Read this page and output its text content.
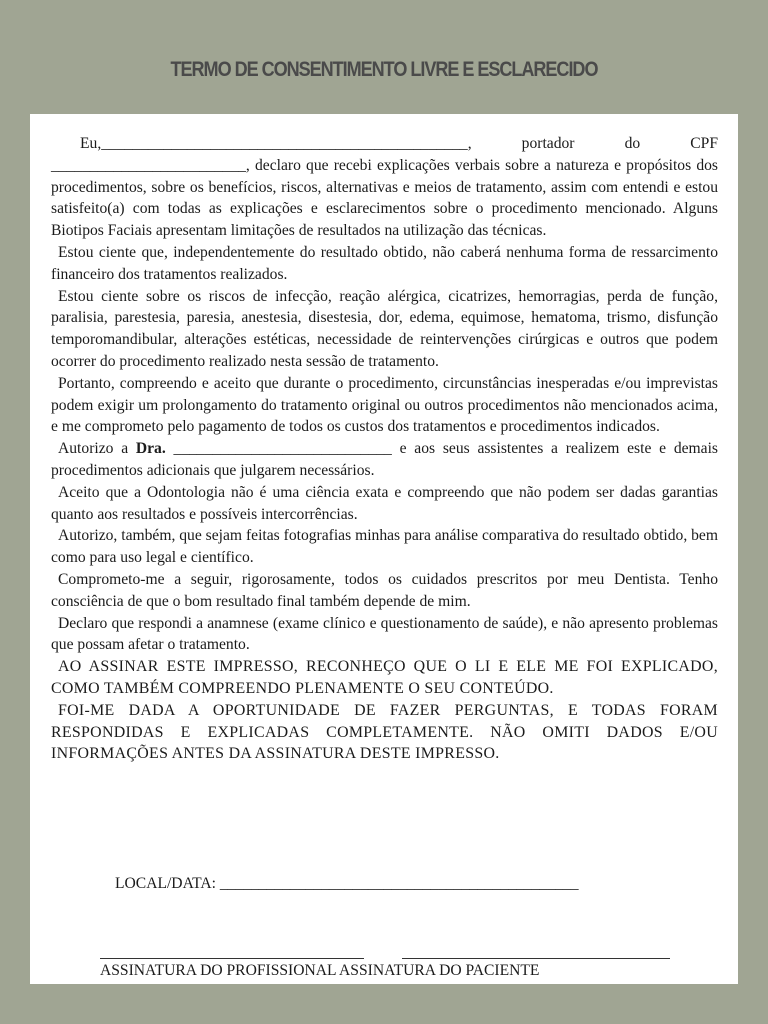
TERMO DE CONSENTIMENTO LIVRE E ESCLARECIDO

Eu,_______________________________________________, portador do CPF _________________________, declaro que recebi explicações verbais sobre a natureza e propósitos dos procedimentos, sobre os benefícios, riscos, alternativas e meios de tratamento, assim com entendi e estou satisfeito(a) com todas as explicações e esclarecimentos sobre o procedimento mencionado. Alguns Biotipos Faciais apresentam limitações de resultados na utilização das técnicas.

Estou ciente que, independentemente do resultado obtido, não caberá nenhuma forma de ressarcimento financeiro dos tratamentos realizados.

Estou ciente sobre os riscos de infecção, reação alérgica, cicatrizes, hemorragias, perda de função, paralisia, parestesia, paresia, anestesia, disestesia, dor, edema, equimose, hematoma, trismo, disfunção temporomandibular, alterações estéticas, necessidade de reintervenções cirúrgicas e outros que podem ocorrer do procedimento realizado nesta sessão de tratamento.

Portanto, compreendo e aceito que durante o procedimento, circunstâncias inesperadas e/ou imprevistas podem exigir um prolongamento do tratamento original ou outros procedimentos não mencionados acima, e me comprometo pelo pagamento de todos os custos dos tratamentos e procedimentos indicados.

Autorizo a Dra. ____________________________ e aos seus assistentes a realizem este e demais procedimentos adicionais que julgarem necessários.

Aceito que a Odontologia não é uma ciência exata e compreendo que não podem ser dadas garantias quanto aos resultados e possíveis intercorrências.

Autorizo, também, que sejam feitas fotografias minhas para análise comparativa do resultado obtido, bem como para uso legal e científico.

Comprometo-me a seguir, rigorosamente, todos os cuidados prescritos por meu Dentista. Tenho consciência de que o bom resultado final também depende de mim.

Declaro que respondi a anamnese (exame clínico e questionamento de saúde), e não apresento problemas que possam afetar o tratamento.

AO ASSINAR ESTE IMPRESSO, RECONHEÇO QUE O LI E ELE ME FOI EXPLICADO, COMO TAMBÉM COMPREENDO PLENAMENTE O SEU CONTEÚDO.

FOI-ME DADA A OPORTUNIDADE DE FAZER PERGUNTAS, E TODAS FORAM RESPONDIDAS E EXPLICADAS COMPLETAMENTE. NÃO OMITI DADOS E/OU INFORMAÇÕES ANTES DA ASSINATURA DESTE IMPRESSO.

LOCAL/DATA: ______________________________________________
ASSINATURA DO PROFISSIONAL ASSINATURA DO PACIENTE
